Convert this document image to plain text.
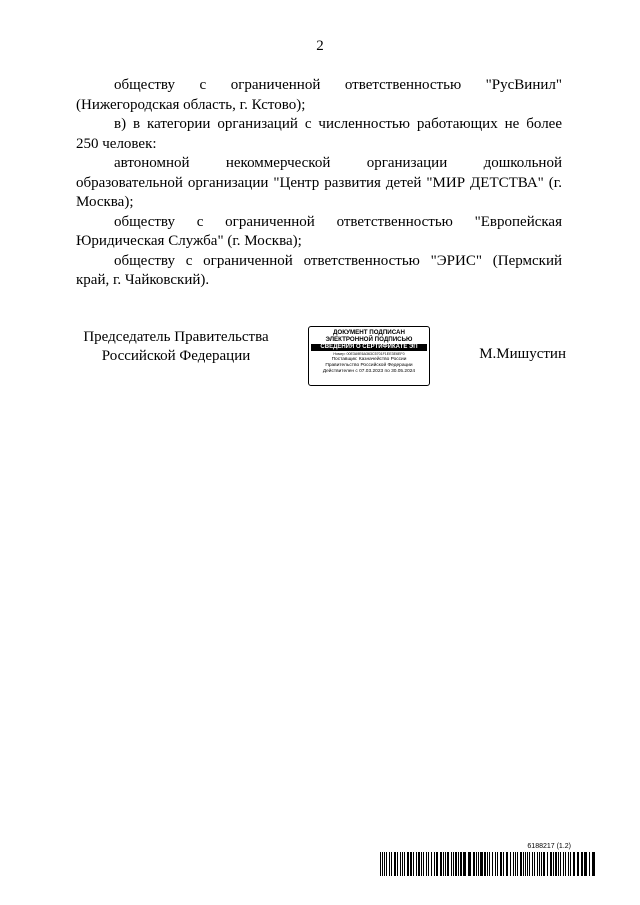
2

обществу с ограниченной ответственностью "РусВинил" (Нижегородская область, г. Кстово);

в) в категории организаций с численностью работающих не более 250 человек:

автономной некоммерческой организации дошкольной образовательной организации "Центр развития детей "МИР ДЕТСТВА" (г. Москва);

обществу с ограниченной ответственностью "Европейская Юридическая Служба" (г. Москва);

обществу с ограниченной ответственностью "ЭРИС" (Пермский край, г. Чайковский).

Председатель Правительства
Российской Федерации
ДОКУМЕНТ ПОДПИСАН
ЭЛЕКТРОННОЙ ПОДПИСЬЮ
СВЕДЕНИЯ О СЕРТИФИКАТЕ ЭП
Номер: 00E3A9E6A363C5701F1EE3E6EF0
Поставщик: Казначейство России
Правительство Российской Федерации
Действителен с 07.03.2023 по 30.05.2024
М.Мишустин
6188217 (1.2)
